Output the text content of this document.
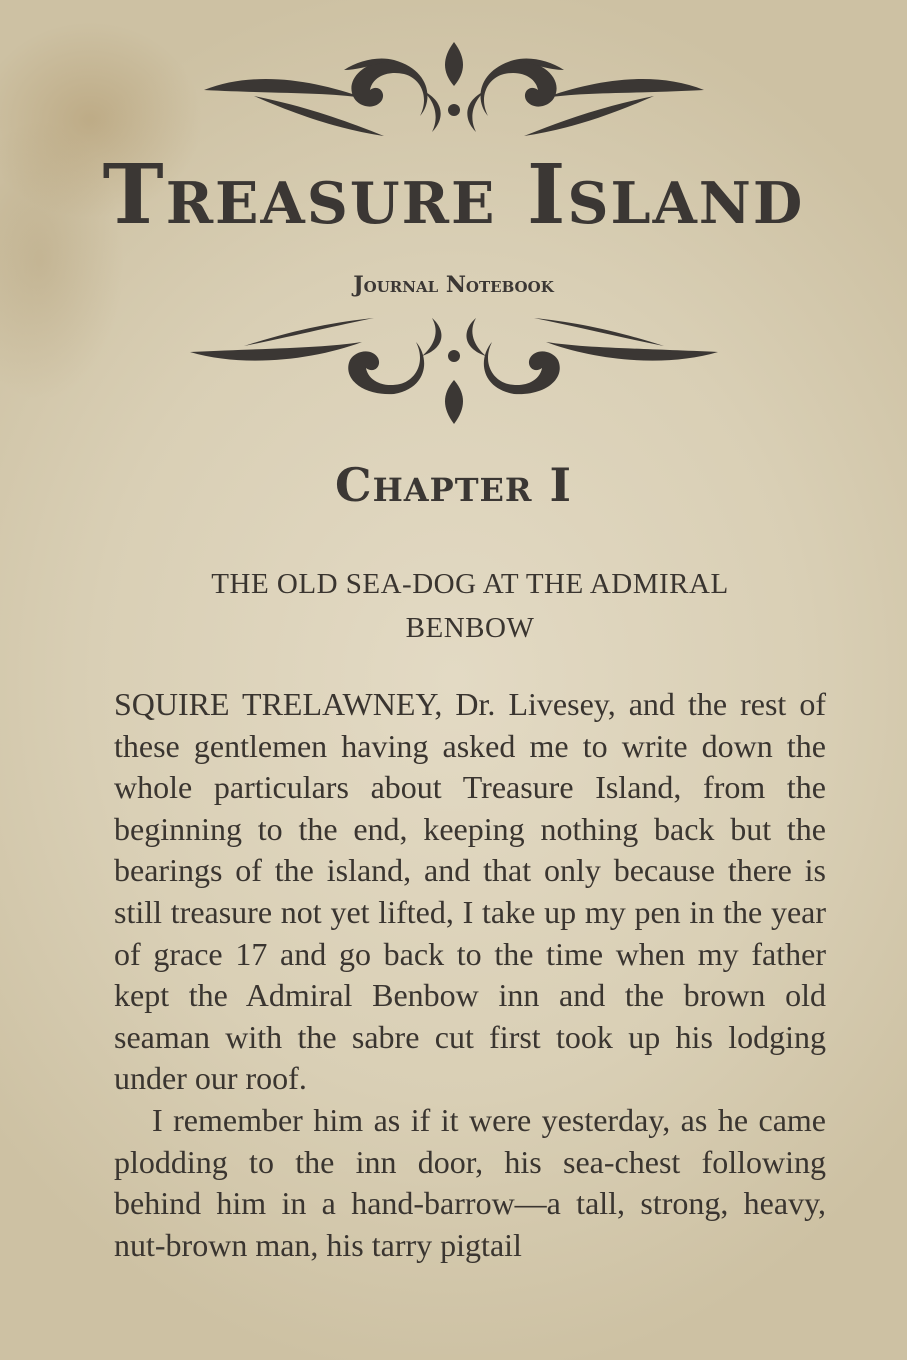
Treasure Island
Journal Notebook
Chapter I
THE OLD SEA-DOG AT THE ADMIRAL BENBOW

SQUIRE TRELAWNEY, Dr. Livesey, and the rest of these gentlemen having asked me to write down the whole particulars about Treasure Island, from the beginning to the end, keeping nothing back but the bearings of the island, and that only because there is still treasure not yet lifted, I take up my pen in the year of grace 17 and go back to the time when my father kept the Admiral Benbow inn and the brown old seaman with the sabre cut first took up his lodging under our roof.

I remember him as if it were yesterday, as he came plodding to the inn door, his sea-chest following behind him in a hand-barrow—a tall, strong, heavy, nut-brown man, his tarry pigtail
